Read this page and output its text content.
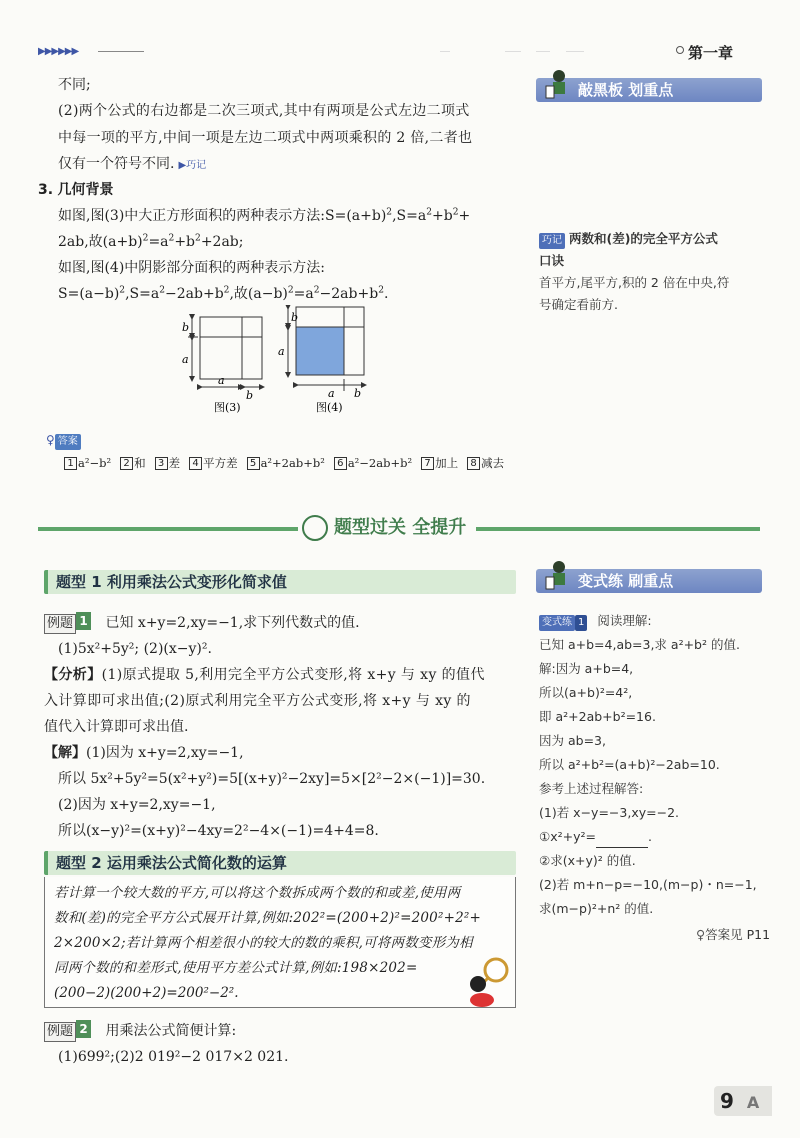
▶▶▶▶▶▶	第一章
不同;
(2)两个公式的右边都是二次三项式,其中有两项是公式左边二项式
中每一项的平方,中间一项是左边二项式中两项乘积的 2 倍,二者也
仅有一个符号不同. ▶巧记
3. 几何背景
如图,图(3)中大正方形面积的两种表示方法$:S=(a+b)^2,S=a^2+b^2+$
2ab,故$(a+b)^2=a^2+b^2+2ab$;
如图,图(4)中阴影部分面积的两种表示方法:
$S=(a-b)^2,S=a^2-2ab+b^2$,故$(a-b)^2=a^2-2ab+b^2$.
b
a
a
b
图(3)
b
a
a b
图(4)
♀ 答案
1 a²−b² 2 和 3 差 4 平方差 5 a²+2ab+b² 6 a²−2ab+b² 7 加上 8 减去
敲黑板 划重点
巧记 两数和(差)的完全平方公式
口诀
首平方,尾平方,积的 2 倍在中央,符
号确定看前方.
题型过关 全提升
题型 1 利用乘法公式变形化简求值
例题 1 已知 x+y=2,xy=−1,求下列代数式的值.
(1)5x²+5y²; (2)(x−y)².
【分析】(1)原式提取 5,利用完全平方公式变形,将 x+y 与 xy 的值代
入计算即可求出值;(2)原式利用完全平方公式变形,将 x+y 与 xy 的
值代入计算即可求出值.
【解】(1)因为 x+y=2,xy=−1,
所以 5x²+5y²=5(x²+y²)=5[(x+y)²−2xy]=5×[2²−2×(−1)]=30.
(2)因为 x+y=2,xy=−1,
所以(x−y)²=(x+y)²−4xy=2²−4×(−1)=4+4=8.
题型 2 运用乘法公式简化数的运算
若计算一个较大数的平方,可以将这个数拆成两个数的和或差,使用两
数和(差)的完全平方公式展开计算,例如:202²=(200+2)²=200²+2²+
2×200×2;若计算两个相差很小的较大的数的乘积,可将两数变形为相
同两个数的和差形式,使用平方差公式计算,例如:198×202=
(200−2)(200+2)=200²−2².
例题 2 用乘法公式简便计算:
(1)699²;(2)2 019²−2 017×2 021.
变式练 刷重点
变式练 1 阅读理解:
已知 a+b=4,ab=3,求 a²+b² 的值.
解:因为 a+b=4,
所以(a+b)²=4²,
即 a²+2ab+b²=16.
因为 ab=3,
所以 a²+b²=(a+b)²−2ab=10.
参考上述过程解答:
(1)若 x−y=−3,xy=−2.
①x²+y²=	.
②求(x+y)² 的值.
(2)若 m+n−p=−10,(m−p)・n=−1,
求(m−p)²+n² 的值.
♀答案见 P11
9 A
